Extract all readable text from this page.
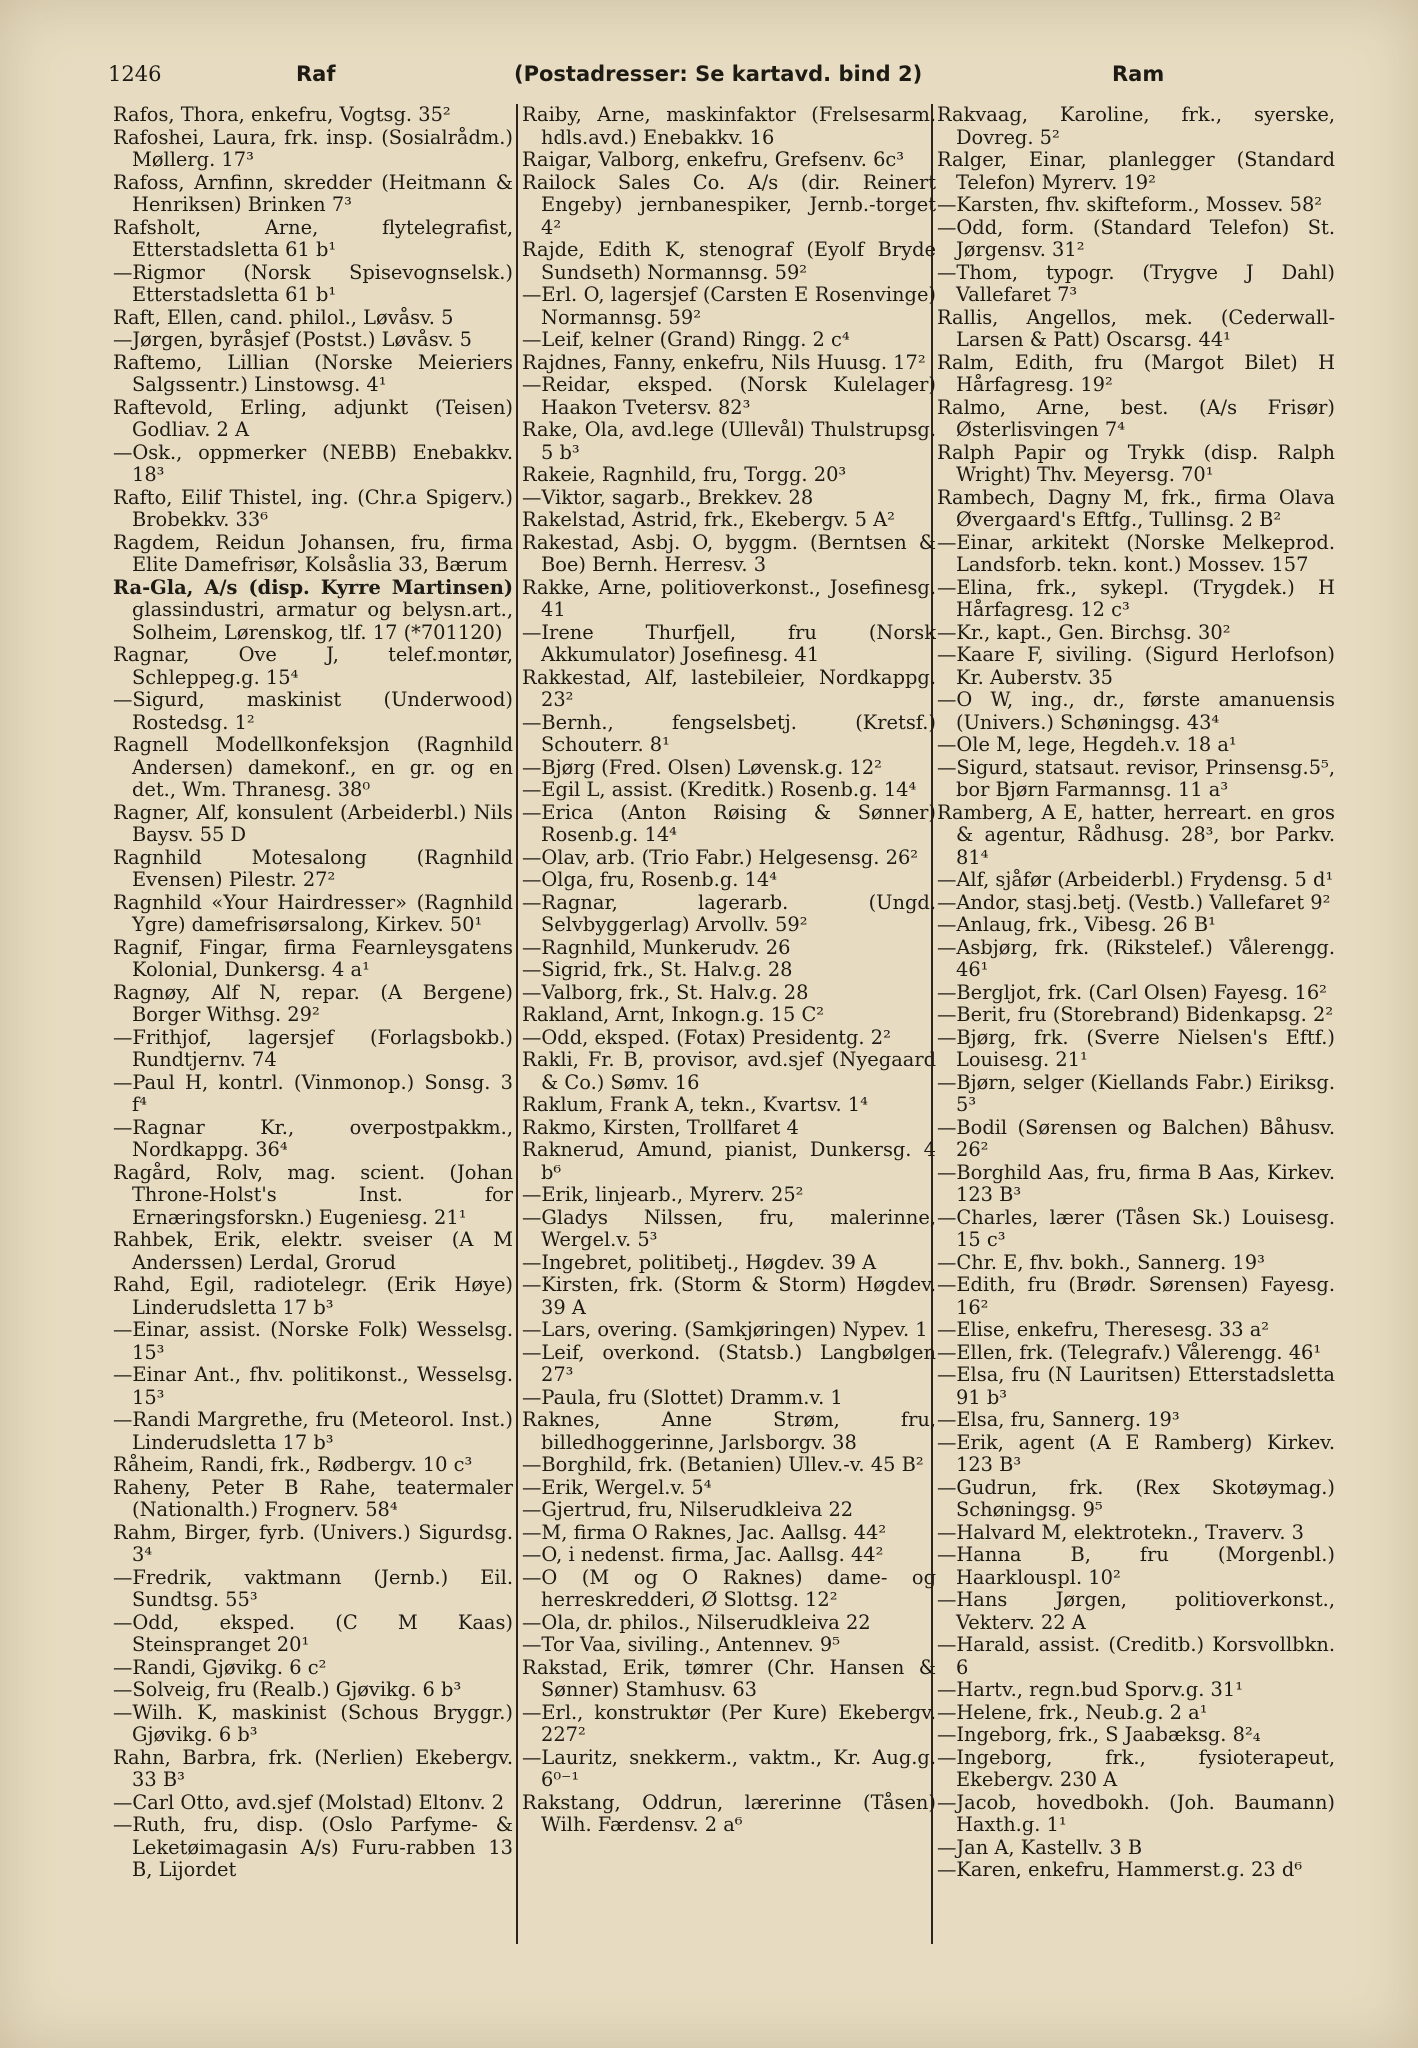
1246	Raf	(Postadresser: Se kartavd. bind 2)	Ram

Rafos, Thora, enkefru, Vogtsg. 35²

Rafoshei, Laura, frk. insp. (Sosialrådm.) Møllerg. 17³

Rafoss, Arnfinn, skredder (Heitmann & Henriksen) Brinken 7³

Rafsholt, Arne, flytelegrafist, Etterstadsletta 61 b¹

—Rigmor (Norsk Spisevognselsk.) Etterstadsletta 61 b¹

Raft, Ellen, cand. philol., Løvåsv. 5

—Jørgen, byråsjef (Postst.) Løvåsv. 5

Raftemo, Lillian (Norske Meieriers Salgssentr.) Linstowsg. 4¹

Raftevold, Erling, adjunkt (Teisen) Godliav. 2 A

—Osk., oppmerker (NEBB) Enebakkv. 18³

Rafto, Eilif Thistel, ing. (Chr.a Spigerv.) Brobekkv. 33⁶

Ragdem, Reidun Johansen, fru, firma Elite Damefrisør, Kolsåslia 33, Bærum

Ra-Gla, A/s (disp. Kyrre Martinsen) glassindustri, armatur og belysn.art., Solheim, Lørenskog, tlf. 17 (*701120)

Ragnar, Ove J, telef.montør, Schleppeg.g. 15⁴

—Sigurd, maskinist (Underwood) Rostedsg. 1²

Ragnell Modellkonfeksjon (Ragnhild Andersen) damekonf., en gr. og en det., Wm. Thranesg. 38⁰

Ragner, Alf, konsulent (Arbeiderbl.) Nils Baysv. 55 D

Ragnhild Motesalong (Ragnhild Evensen) Pilestr. 27²

Ragnhild «Your Hairdresser» (Ragnhild Ygre) damefrisørsalong, Kirkev. 50¹

Ragnif, Fingar, firma Fearnleysgatens Kolonial, Dunkersg. 4 a¹

Ragnøy, Alf N, repar. (A Bergene) Borger Withsg. 29²

—Frithjof, lagersjef (Forlagsbokb.) Rundtjernv. 74

—Paul H, kontrl. (Vinmonop.) Sonsg. 3 f⁴

—Ragnar Kr., overpostpakkm., Nordkappg. 36⁴

Ragård, Rolv, mag. scient. (Johan Throne-Holst's Inst. for Ernæringsforskn.) Eugeniesg. 21¹

Rahbek, Erik, elektr. sveiser (A M Anderssen) Lerdal, Grorud

Rahd, Egil, radiotelegr. (Erik Høye) Linderudsletta 17 b³

—Einar, assist. (Norske Folk) Wesselsg. 15³

—Einar Ant., fhv. politikonst., Wesselsg. 15³

—Randi Margrethe, fru (Meteorol. Inst.) Linderudsletta 17 b³

Råheim, Randi, frk., Rødbergv. 10 c³

Raheny, Peter B Rahe, teatermaler (Nationalth.) Frognerv. 58⁴

Rahm, Birger, fyrb. (Univers.) Sigurdsg. 3⁴

—Fredrik, vaktmann (Jernb.) Eil. Sundtsg. 55³

—Odd, eksped. (C M Kaas) Steinspranget 20¹

—Randi, Gjøvikg. 6 c²

—Solveig, fru (Realb.) Gjøvikg. 6 b³

—Wilh. K, maskinist (Schous Bryggr.) Gjøvikg. 6 b³

Rahn, Barbra, frk. (Nerlien) Ekebergv. 33 B³

—Carl Otto, avd.sjef (Molstad) Eltonv. 2

—Ruth, fru, disp. (Oslo Parfyme- & Leketøimagasin A/s) Furu-rabben 13 B, Lijordet

Raiby, Arne, maskinfaktor (Frelsesarm. hdls.avd.) Enebakkv. 16

Raigar, Valborg, enkefru, Grefsenv. 6c³

Railock Sales Co. A/s (dir. Reinert Engeby) jernbanespiker, Jernb.-torget 4²

Rajde, Edith K, stenograf (Eyolf Bryde Sundseth) Normannsg. 59²

—Erl. O, lagersjef (Carsten E Rosenvinge) Normannsg. 59²

—Leif, kelner (Grand) Ringg. 2 c⁴

Rajdnes, Fanny, enkefru, Nils Huusg. 17²

—Reidar, eksped. (Norsk Kulelager) Haakon Tvetersv. 82³

Rake, Ola, avd.lege (Ullevål) Thulstrupsg. 5 b³

Rakeie, Ragnhild, fru, Torgg. 20³

—Viktor, sagarb., Brekkev. 28

Rakelstad, Astrid, frk., Ekebergv. 5 A²

Rakestad, Asbj. O, byggm. (Berntsen & Boe) Bernh. Herresv. 3

Rakke, Arne, politioverkonst., Josefinesg. 41

—Irene Thurfjell, fru (Norsk Akkumulator) Josefinesg. 41

Rakkestad, Alf, lastebileier, Nordkappg. 23²

—Bernh., fengselsbetj. (Kretsf.) Schouterr. 8¹

—Bjørg (Fred. Olsen) Løvensk.g. 12²

—Egil L, assist. (Kreditk.) Rosenb.g. 14⁴

—Erica (Anton Røising & Sønner) Rosenb.g. 14⁴

—Olav, arb. (Trio Fabr.) Helgesensg. 26²

—Olga, fru, Rosenb.g. 14⁴

—Ragnar, lagerarb. (Ungd. Selvbyggerlag) Arvollv. 59²

—Ragnhild, Munkerudv. 26

—Sigrid, frk., St. Halv.g. 28

—Valborg, frk., St. Halv.g. 28

Rakland, Arnt, Inkogn.g. 15 C²

—Odd, eksped. (Fotax) Presidentg. 2²

Rakli, Fr. B, provisor, avd.sjef (Nyegaard & Co.) Sømv. 16

Raklum, Frank A, tekn., Kvartsv. 1⁴

Rakmo, Kirsten, Trollfaret 4

Raknerud, Amund, pianist, Dunkersg. 4 b⁶

—Erik, linjearb., Myrerv. 25²

—Gladys Nilssen, fru, malerinne, Wergel.v. 5³

—Ingebret, politibetj., Høgdev. 39 A

—Kirsten, frk. (Storm & Storm) Høgdev. 39 A

—Lars, overing. (Samkjøringen) Nypev. 1

—Leif, overkond. (Statsb.) Langbølgen 27³

—Paula, fru (Slottet) Dramm.v. 1

Raknes, Anne Strøm, fru, billedhoggerinne, Jarlsborgv. 38

—Borghild, frk. (Betanien) Ullev.-v. 45 B²

—Erik, Wergel.v. 5⁴

—Gjertrud, fru, Nilserudkleiva 22

—M, firma O Raknes, Jac. Aallsg. 44²

—O, i nedenst. firma, Jac. Aallsg. 44²

—O (M og O Raknes) dame- og herreskredderi, Ø Slottsg. 12²

—Ola, dr. philos., Nilserudkleiva 22

—Tor Vaa, siviling., Antennev. 9⁵

Rakstad, Erik, tømrer (Chr. Hansen & Sønner) Stamhusv. 63

—Erl., konstruktør (Per Kure) Ekebergv. 227²

—Lauritz, snekkerm., vaktm., Kr. Aug.g. 6⁰⁻¹

Rakstang, Oddrun, lærerinne (Tåsen) Wilh. Færdensv. 2 a⁶

Rakvaag, Karoline, frk., syerske, Dovreg. 5²

Ralger, Einar, planlegger (Standard Telefon) Myrerv. 19²

—Karsten, fhv. skifteform., Mossev. 58²

—Odd, form. (Standard Telefon) St. Jørgensv. 31²

—Thom, typogr. (Trygve J Dahl) Vallefaret 7³

Rallis, Angellos, mek. (Cederwall-Larsen & Patt) Oscarsg. 44¹

Ralm, Edith, fru (Margot Bilet) H Hårfagresg. 19²

Ralmo, Arne, best. (A/s Frisør) Østerlisvingen 7⁴

Ralph Papir og Trykk (disp. Ralph Wright) Thv. Meyersg. 70¹

Rambech, Dagny M, frk., firma Olava Øvergaard's Eftfg., Tullinsg. 2 B²

—Einar, arkitekt (Norske Melkeprod. Landsforb. tekn. kont.) Mossev. 157

—Elina, frk., sykepl. (Trygdek.) H Hårfagresg. 12 c³

—Kr., kapt., Gen. Birchsg. 30²

—Kaare F, siviling. (Sigurd Herlofson) Kr. Auberstv. 35

—O W, ing., dr., første amanuensis (Univers.) Schøningsg. 43⁴

—Ole M, lege, Hegdeh.v. 18 a¹

—Sigurd, statsaut. revisor, Prinsensg.5⁵, bor Bjørn Farmannsg. 11 a³

Ramberg, A E, hatter, herreart. en gros & agentur, Rådhusg. 28³, bor Parkv. 81⁴

—Alf, sjåfør (Arbeiderbl.) Frydensg. 5 d¹

—Andor, stasj.betj. (Vestb.) Vallefaret 9²

—Anlaug, frk., Vibesg. 26 B¹

—Asbjørg, frk. (Rikstelef.) Vålerengg. 46¹

—Bergljot, frk. (Carl Olsen) Fayesg. 16²

—Berit, fru (Storebrand) Bidenkapsg. 2²

—Bjørg, frk. (Sverre Nielsen's Eftf.) Louisesg. 21¹

—Bjørn, selger (Kiellands Fabr.) Eiriksg. 5³

—Bodil (Sørensen og Balchen) Båhusv. 26²

—Borghild Aas, fru, firma B Aas, Kirkev. 123 B³

—Charles, lærer (Tåsen Sk.) Louisesg. 15 c³

—Chr. E, fhv. bokh., Sannerg. 19³

—Edith, fru (Brødr. Sørensen) Fayesg. 16²

—Elise, enkefru, Theresesg. 33 a²

—Ellen, frk. (Telegrafv.) Vålerengg. 46¹

—Elsa, fru (N Lauritsen) Etterstadsletta 91 b³

—Elsa, fru, Sannerg. 19³

—Erik, agent (A E Ramberg) Kirkev. 123 B³

—Gudrun, frk. (Rex Skotøymag.) Schøningsg. 9⁵

—Halvard M, elektrotekn., Traverv. 3

—Hanna B, fru (Morgenbl.) Haarklouspl. 10²

—Hans Jørgen, politioverkonst., Vekterv. 22 A

—Harald, assist. (Creditb.) Korsvollbkn. 6

—Hartv., regn.bud Sporv.g. 31¹

—Helene, frk., Neub.g. 2 a¹

—Ingeborg, frk., S Jaabæksg. 8²₄

—Ingeborg, frk., fysioterapeut, Ekebergv. 230 A

—Jacob, hovedbokh. (Joh. Baumann) Haxth.g. 1¹

—Jan A, Kastellv. 3 B

—Karen, enkefru, Hammerst.g. 23 d⁶
